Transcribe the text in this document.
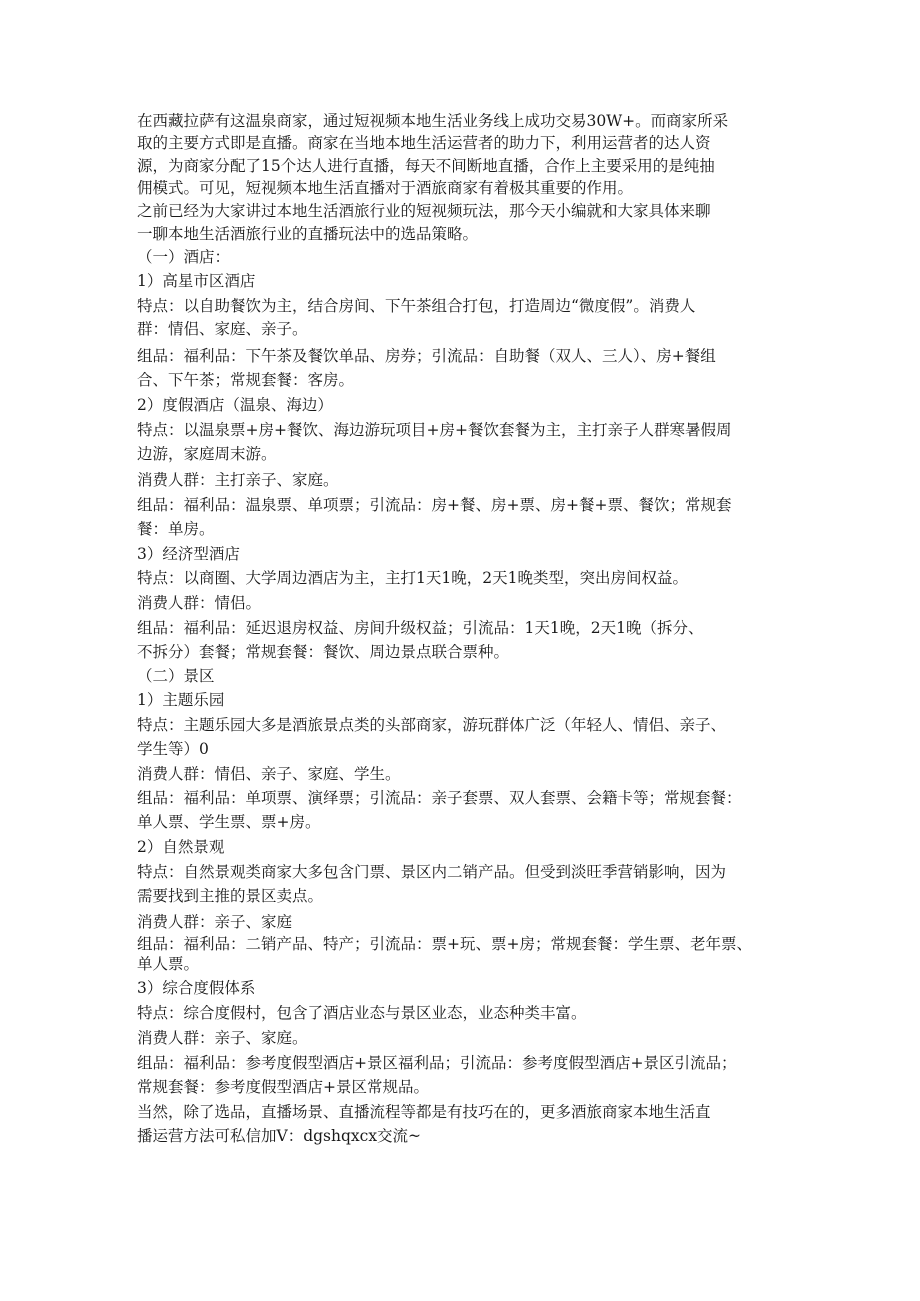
在西藏拉萨有这温泉商家，通过短视频本地生活业务线上成功交易30W+。而商家所采

取的主要方式即是直播。商家在当地本地生活运营者的助力下，利用运营者的达人资

源，为商家分配了15个达人进行直播，每天不间断地直播，合作上主要采用的是纯抽

佣模式。可见，短视频本地生活直播对于酒旅商家有着极其重要的作用。

之前已经为大家讲过本地生活酒旅行业的短视频玩法，那今天小编就和大家具体来聊

一聊本地生活酒旅行业的直播玩法中的选品策略。

（一）酒店：

1）高星市区酒店

特点：以自助餐饮为主，结合房间、下午茶组合打包，打造周边“微度假”。消费人

群：情侣、家庭、亲子。

组品：福利品：下午茶及餐饮单品、房券；引流品：自助餐（双人、三人）、房+餐组

合、下午茶；常规套餐：客房。

2）度假酒店（温泉、海边）

特点：以温泉票+房+餐饮、海边游玩项目+房+餐饮套餐为主，主打亲子人群寒暑假周

边游，家庭周末游。

消费人群：主打亲子、家庭。

组品：福利品：温泉票、单项票；引流品：房+餐、房+票、房+餐+票、餐饮；常规套

餐：单房。

3）经济型酒店

特点：以商圈、大学周边酒店为主，主打1天1晚，2天1晚类型，突出房间权益。

消费人群：情侣。

组品：福利品：延迟退房权益、房间升级权益；引流品：1天1晚，2天1晚（拆分、

不拆分）套餐；常规套餐：餐饮、周边景点联合票种。

（二）景区

1）主题乐园

特点：主题乐园大多是酒旅景点类的头部商家，游玩群体广泛（年轻人、情侣、亲子、

学生等）0

消费人群：情侣、亲子、家庭、学生。

组品：福利品：单项票、演绎票；引流品：亲子套票、双人套票、会籍卡等；常规套餐：

单人票、学生票、票+房。

2）自然景观

特点：自然景观类商家大多包含门票、景区内二销产品。但受到淡旺季营销影响，因为

需要找到主推的景区卖点。

消费人群：亲子、家庭

组品：福利品：二销产品、特产；引流品：票+玩、票+房；常规套餐：学生票、老年票、

单人票。

3）综合度假体系

特点：综合度假村，包含了酒店业态与景区业态，业态种类丰富。

消费人群：亲子、家庭。

组品：福利品：参考度假型酒店+景区福利品；引流品：参考度假型酒店+景区引流品；

常规套餐：参考度假型酒店+景区常规品。

当然，除了选品，直播场景、直播流程等都是有技巧在的，更多酒旅商家本地生活直

播运营方法可私信加V：dgshqxcx交流~
